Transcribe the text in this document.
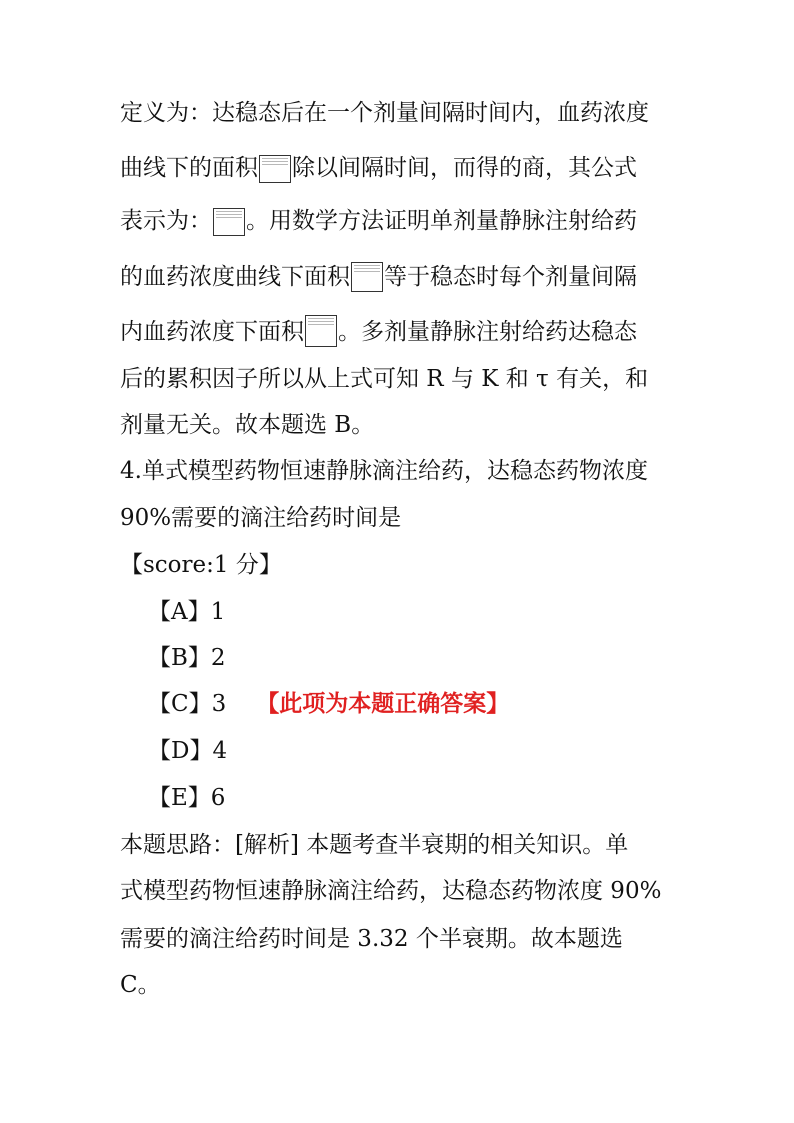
定义为：达稳态后在一个剂量间隔时间内，血药浓度
曲线下的面积 除以间隔时间，而得的商，其公式
表示为： 。用数学方法证明单剂量静脉注射给药
的血药浓度曲线下面积 等于稳态时每个剂量间隔
内血药浓度下面积 。多剂量静脉注射给药达稳态
后的累积因子所以从上式可知 R 与 K 和 τ 有关，和
剂量无关。故本题选 B。
4.单式模型药物恒速静脉滴注给药，达稳态药物浓度
90%需要的滴注给药时间是
【score:1 分】
【A】1
【B】2
【C】3 【此项为本题正确答案】
【D】4
【E】6
本题思路：[解析] 本题考查半衰期的相关知识。单
式模型药物恒速静脉滴注给药，达稳态药物浓度 90%
需要的滴注给药时间是 3.32 个半衰期。故本题选
C。
